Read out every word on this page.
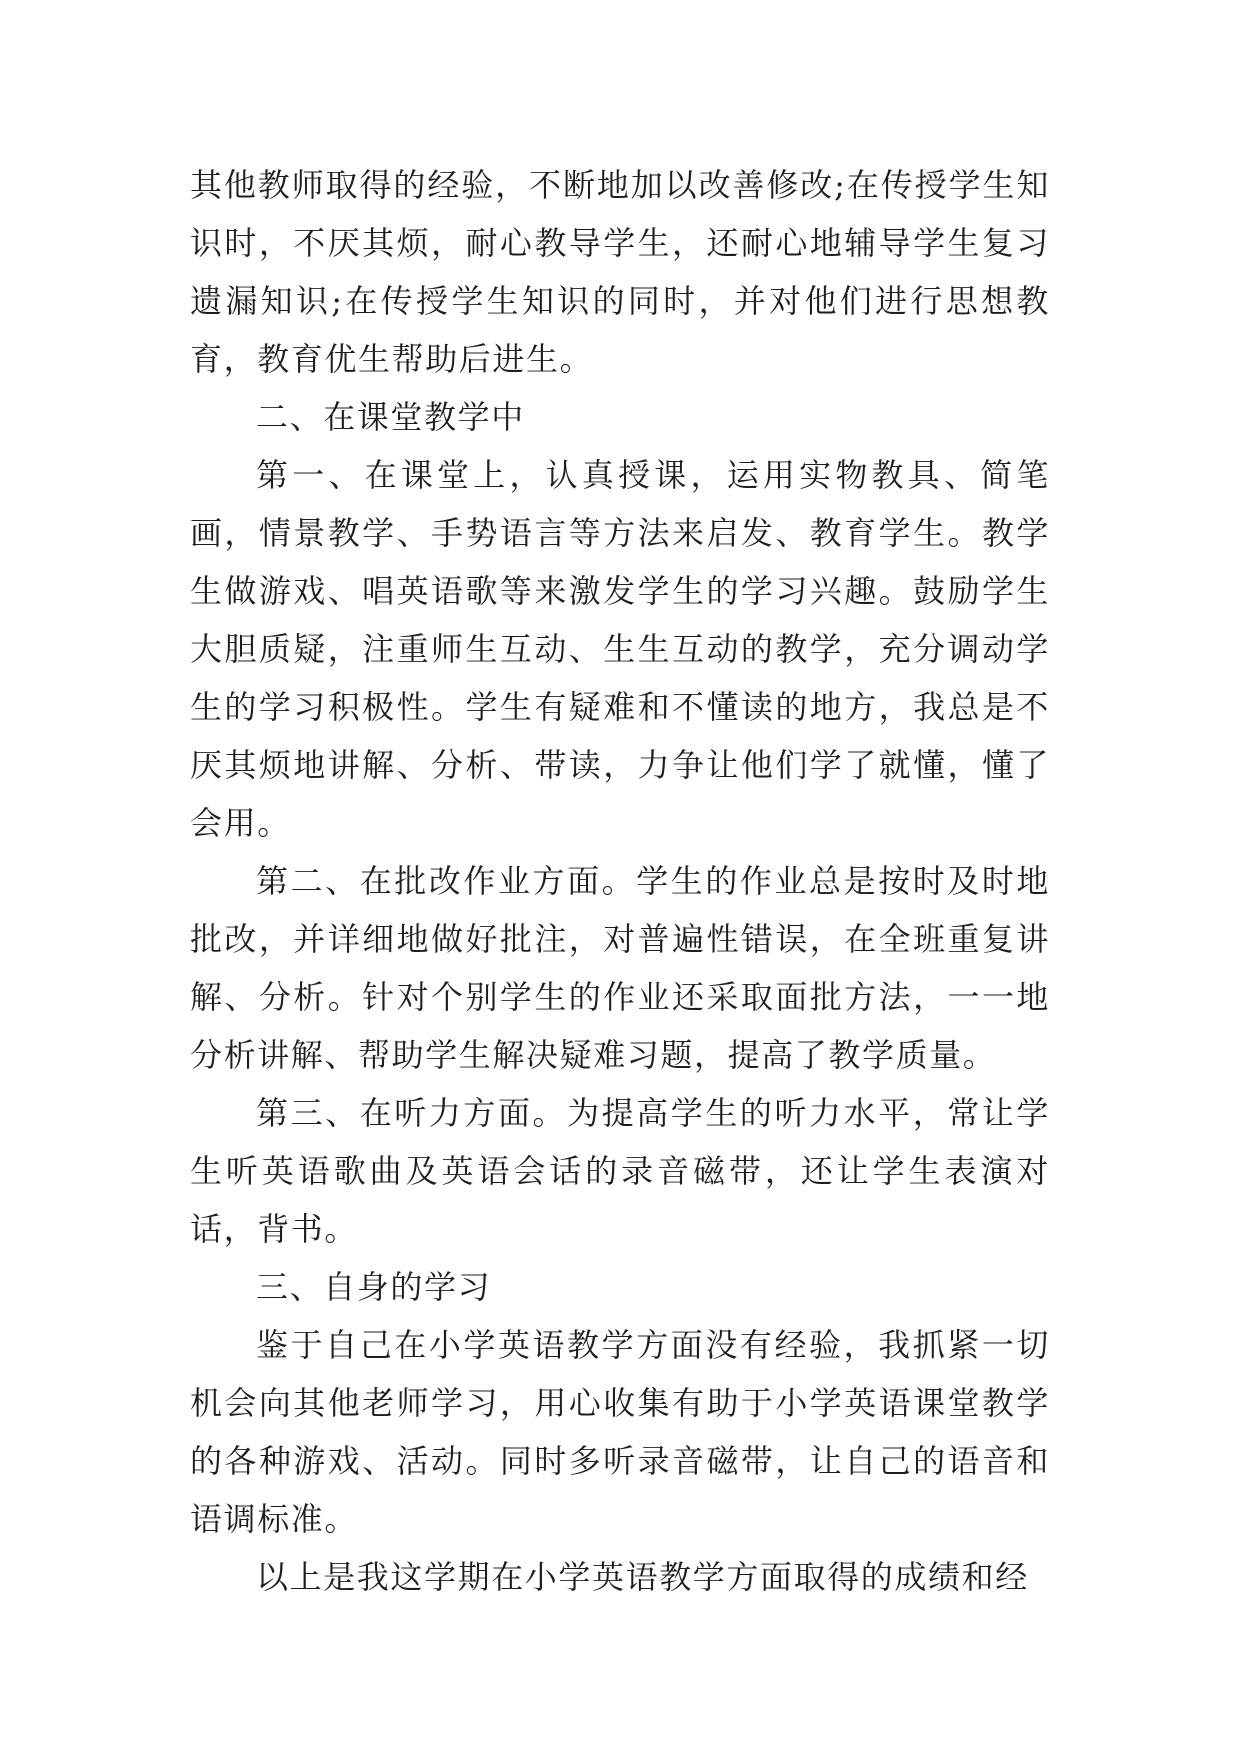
其他教师取得的经验，不断地加以改善修改;在传授学生知识时，不厌其烦，耐心教导学生，还耐心地辅导学生复习遗漏知识;在传授学生知识的同时，并对他们进行思想教育，教育优生帮助后进生。

二、在课堂教学中

第一、在课堂上，认真授课，运用实物教具、简笔画，情景教学、手势语言等方法来启发、教育学生。教学生做游戏、唱英语歌等来激发学生的学习兴趣。鼓励学生大胆质疑，注重师生互动、生生互动的教学，充分调动学生的学习积极性。学生有疑难和不懂读的地方，我总是不厌其烦地讲解、分析、带读，力争让他们学了就懂，懂了会用。

第二、在批改作业方面。学生的作业总是按时及时地批改，并详细地做好批注，对普遍性错误，在全班重复讲解、分析。针对个别学生的作业还采取面批方法，一一地分析讲解、帮助学生解决疑难习题，提高了教学质量。

第三、在听力方面。为提高学生的听力水平，常让学生听英语歌曲及英语会话的录音磁带，还让学生表演对话，背书。

三、自身的学习

鉴于自己在小学英语教学方面没有经验，我抓紧一切机会向其他老师学习，用心收集有助于小学英语课堂教学的各种游戏、活动。同时多听录音磁带，让自己的语音和语调标准。

以上是我这学期在小学英语教学方面取得的成绩和经
